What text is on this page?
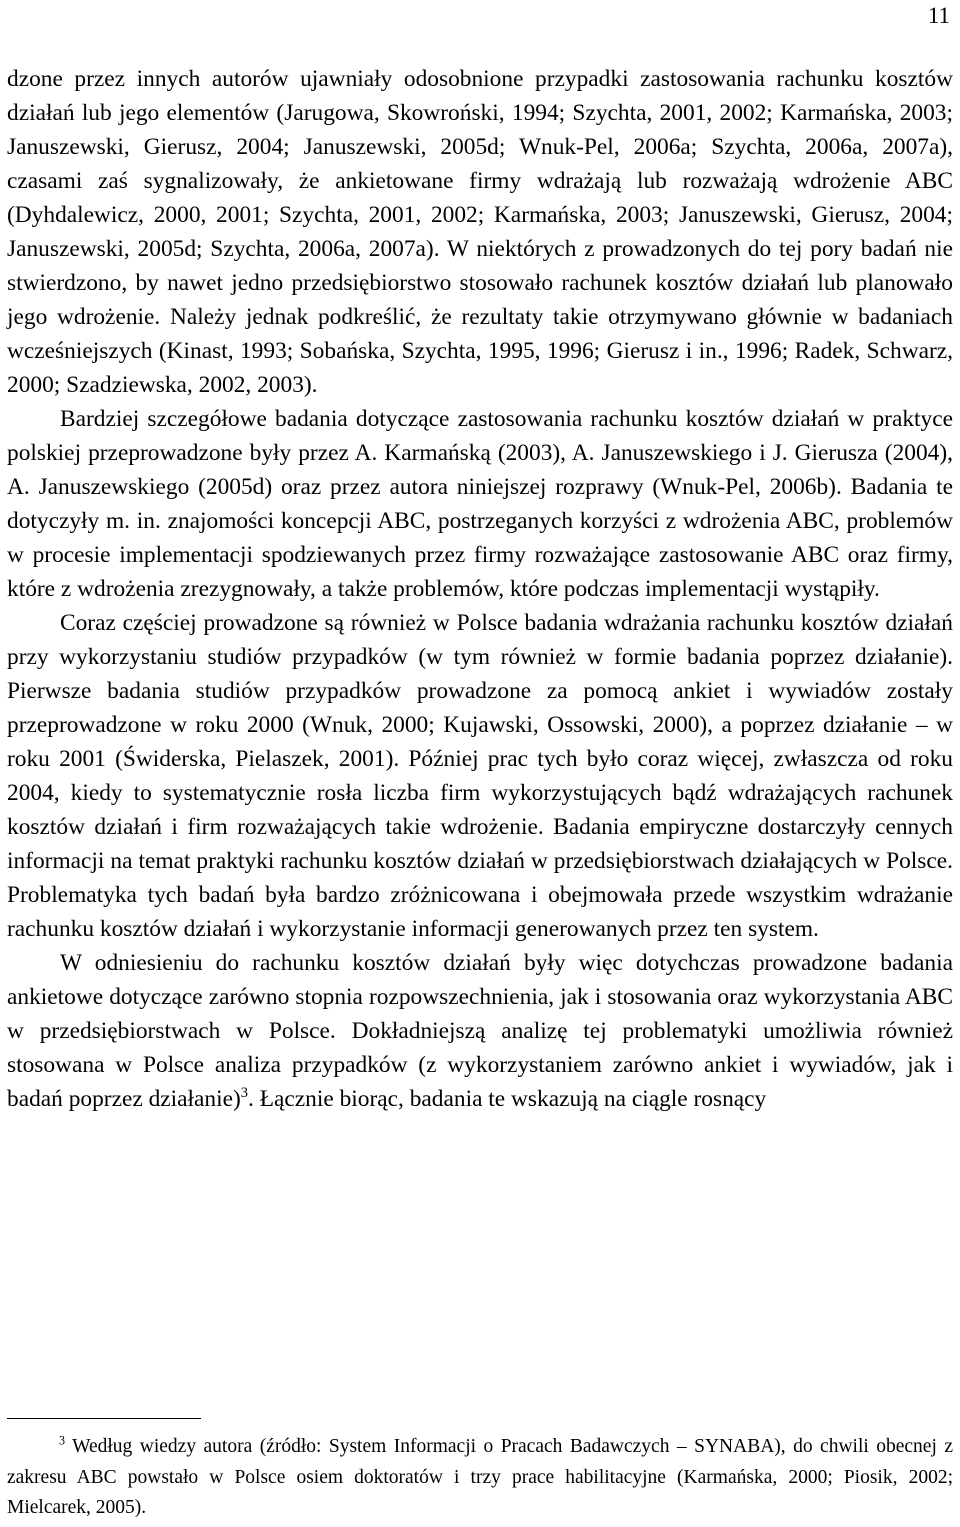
11

dzone przez innych autorów ujawniały odosobnione przypadki zastosowania rachunku kosztów działań lub jego elementów (Jarugowa, Skowroński, 1994; Szychta, 2001, 2002; Karmańska, 2003; Januszewski, Gierusz, 2004; Januszewski, 2005d; Wnuk-Pel, 2006a; Szychta, 2006a, 2007a), czasami zaś sygnalizowały, że ankietowane firmy wdrażają lub rozważają wdrożenie ABC (Dyhdalewicz, 2000, 2001; Szychta, 2001, 2002; Karmańska, 2003; Januszewski, Gierusz, 2004; Januszewski, 2005d; Szychta, 2006a, 2007a). W niektórych z prowadzonych do tej pory badań nie stwierdzono, by nawet jedno przedsiębiorstwo stosowało rachunek kosztów działań lub planowało jego wdrożenie. Należy jednak podkreślić, że rezultaty takie otrzymywano głównie w badaniach wcześniejszych (Kinast, 1993; Sobańska, Szychta, 1995, 1996; Gierusz i in., 1996; Radek, Schwarz, 2000; Szadziewska, 2002, 2003).

Bardziej szczegółowe badania dotyczące zastosowania rachunku kosztów działań w praktyce polskiej przeprowadzone były przez A. Karmańską (2003), A. Januszewskiego i J. Gierusza (2004), A. Januszewskiego (2005d) oraz przez autora niniejszej rozprawy (Wnuk-Pel, 2006b). Badania te dotyczyły m. in. znajomości koncepcji ABC, postrzeganych korzyści z wdrożenia ABC, problemów w procesie implementacji spodziewanych przez firmy rozważające zastosowanie ABC oraz firmy, które z wdrożenia zrezygnowały, a także problemów, które podczas implementacji wystąpiły.

Coraz częściej prowadzone są również w Polsce badania wdrażania rachunku kosztów działań przy wykorzystaniu studiów przypadków (w tym również w formie badania poprzez działanie). Pierwsze badania studiów przypadków prowadzone za pomocą ankiet i wywiadów zostały przeprowadzone w roku 2000 (Wnuk, 2000; Kujawski, Ossowski, 2000), a poprzez działanie – w roku 2001 (Świderska, Pielaszek, 2001). Później prac tych było coraz więcej, zwłaszcza od roku 2004, kiedy to systematycznie rosła liczba firm wykorzystujących bądź wdrażających rachunek kosztów działań i firm rozważających takie wdrożenie. Badania empiryczne dostarczyły cennych informacji na temat praktyki rachunku kosztów działań w przedsiębiorstwach działających w Polsce. Problematyka tych badań była bardzo zróżnicowana i obejmowała przede wszystkim wdrażanie rachunku kosztów działań i wykorzystanie informacji generowanych przez ten system.

W odniesieniu do rachunku kosztów działań były więc dotychczas prowadzone badania ankietowe dotyczące zarówno stopnia rozpowszechnienia, jak i stosowania oraz wykorzystania ABC w przedsiębiorstwach w Polsce. Dokładniejszą analizę tej problematyki umożliwia również stosowana w Polsce analiza przypadków (z wykorzystaniem zarówno ankiet i wywiadów, jak i badań poprzez działanie)$^3$. Łącznie biorąc, badania te wskazują na ciągle rosnący

$^3$ Według wiedzy autora (źródło: System Informacji o Pracach Badawczych – SYNABA), do chwili obecnej z zakresu ABC powstało w Polsce osiem doktoratów i trzy prace habilitacyjne (Karmańska, 2000; Piosik, 2002; Mielcarek, 2005).
